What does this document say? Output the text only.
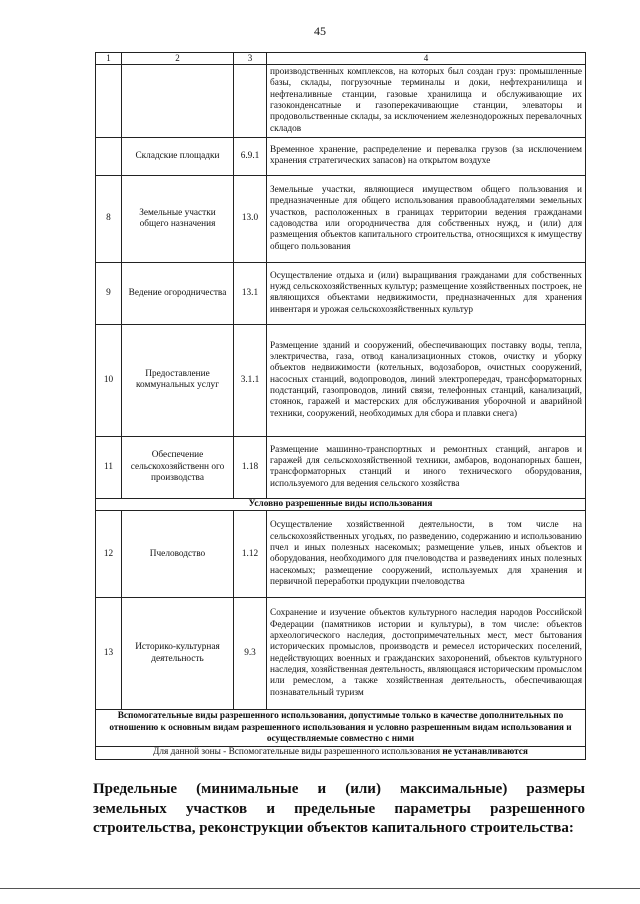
45
1	2	3	4
			производственных комплексов, на которых был создан груз: промышленные базы, склады, погрузочные терминалы и доки, нефтехранилища и нефтеналивные станции, газовые хранилища и обслуживающие их газоконденсатные и газоперекачивающие станции, элеваторы и продовольственные склады, за исключением железнодорожных перевалочных складов
	Складские площадки	6.9.1	Временное хранение, распределение и перевалка грузов (за исключением хранения стратегических запасов) на открытом воздухе
8	Земельные участки общего назначения	13.0	Земельные участки, являющиеся имуществом общего пользования и предназначенные для общего использования правообладателями земельных участков, расположенных в границах территории ведения гражданами садоводства или огородничества для собственных нужд, и (или) для размещения объектов капитального строительства, относящихся к имуществу общего пользования
9	Ведение огородничества	13.1	Осуществление отдыха и (или) выращивания гражданами для собственных нужд сельскохозяйственных культур; размещение хозяйственных построек, не являющихся объектами недвижимости, предназначенных для хранения инвентаря и урожая сельскохозяйственных культур
10	Предоставление коммунальных услуг	3.1.1	Размещение зданий и сооружений, обеспечивающих поставку воды, тепла, электричества, газа, отвод канализационных стоков, очистку и уборку объектов недвижимости (котельных, водозаборов, очистных сооружений, насосных станций, водопроводов, линий электропередач, трансформаторных подстанций, газопроводов, линий связи, телефонных станций, канализаций, стоянок, гаражей и мастерских для обслуживания уборочной и аварийной техники, сооружений, необходимых для сбора и плавки снега)
11	Обеспечение сельскохозяйственн ого производства	1.18	Размещение машинно-транспортных и ремонтных станций, ангаров и гаражей для сельскохозяйственной техники, амбаров, водонапорных башен, трансформаторных станций и иного технического оборудования, используемого для ведения сельского хозяйства
Условно разрешенные виды использования			
12	Пчеловодство	1.12	Осуществление хозяйственной деятельности, в том числе на сельскохозяйственных угодьях, по разведению, содержанию и использованию пчел и иных полезных насекомых; размещение ульев, иных объектов и оборудования, необходимого для пчеловодства и разведениях иных полезных насекомых; размещение сооружений, используемых для хранения и первичной переработки продукции пчеловодства
13	Историко-культурная деятельность	9.3	Сохранение и изучение объектов культурного наследия народов Российской Федерации (памятников истории и культуры), в том числе: объектов археологического наследия, достопримечательных мест, мест бытования исторических промыслов, производств и ремесел исторических поселений, недействующих военных и гражданских захоронений, объектов культурного наследия, хозяйственная деятельность, являющаяся историческим промыслом или ремеслом, а также хозяйственная деятельность, обеспечивающая познавательный туризм
Вспомогательные виды разрешенного использования, допустимые только в качестве дополнительных по отношению к основным видам разрешенного использования и условно разрешенным видам использования и осуществляемые совместно с ними			
Для данной зоны - Вспомогательные виды разрешенного использования не устанавливаются			
Предельные (минимальные и (или) максимальные) размеры земельных участков и предельные параметры разрешенного строительства, реконструкции объектов капитального строительства:
